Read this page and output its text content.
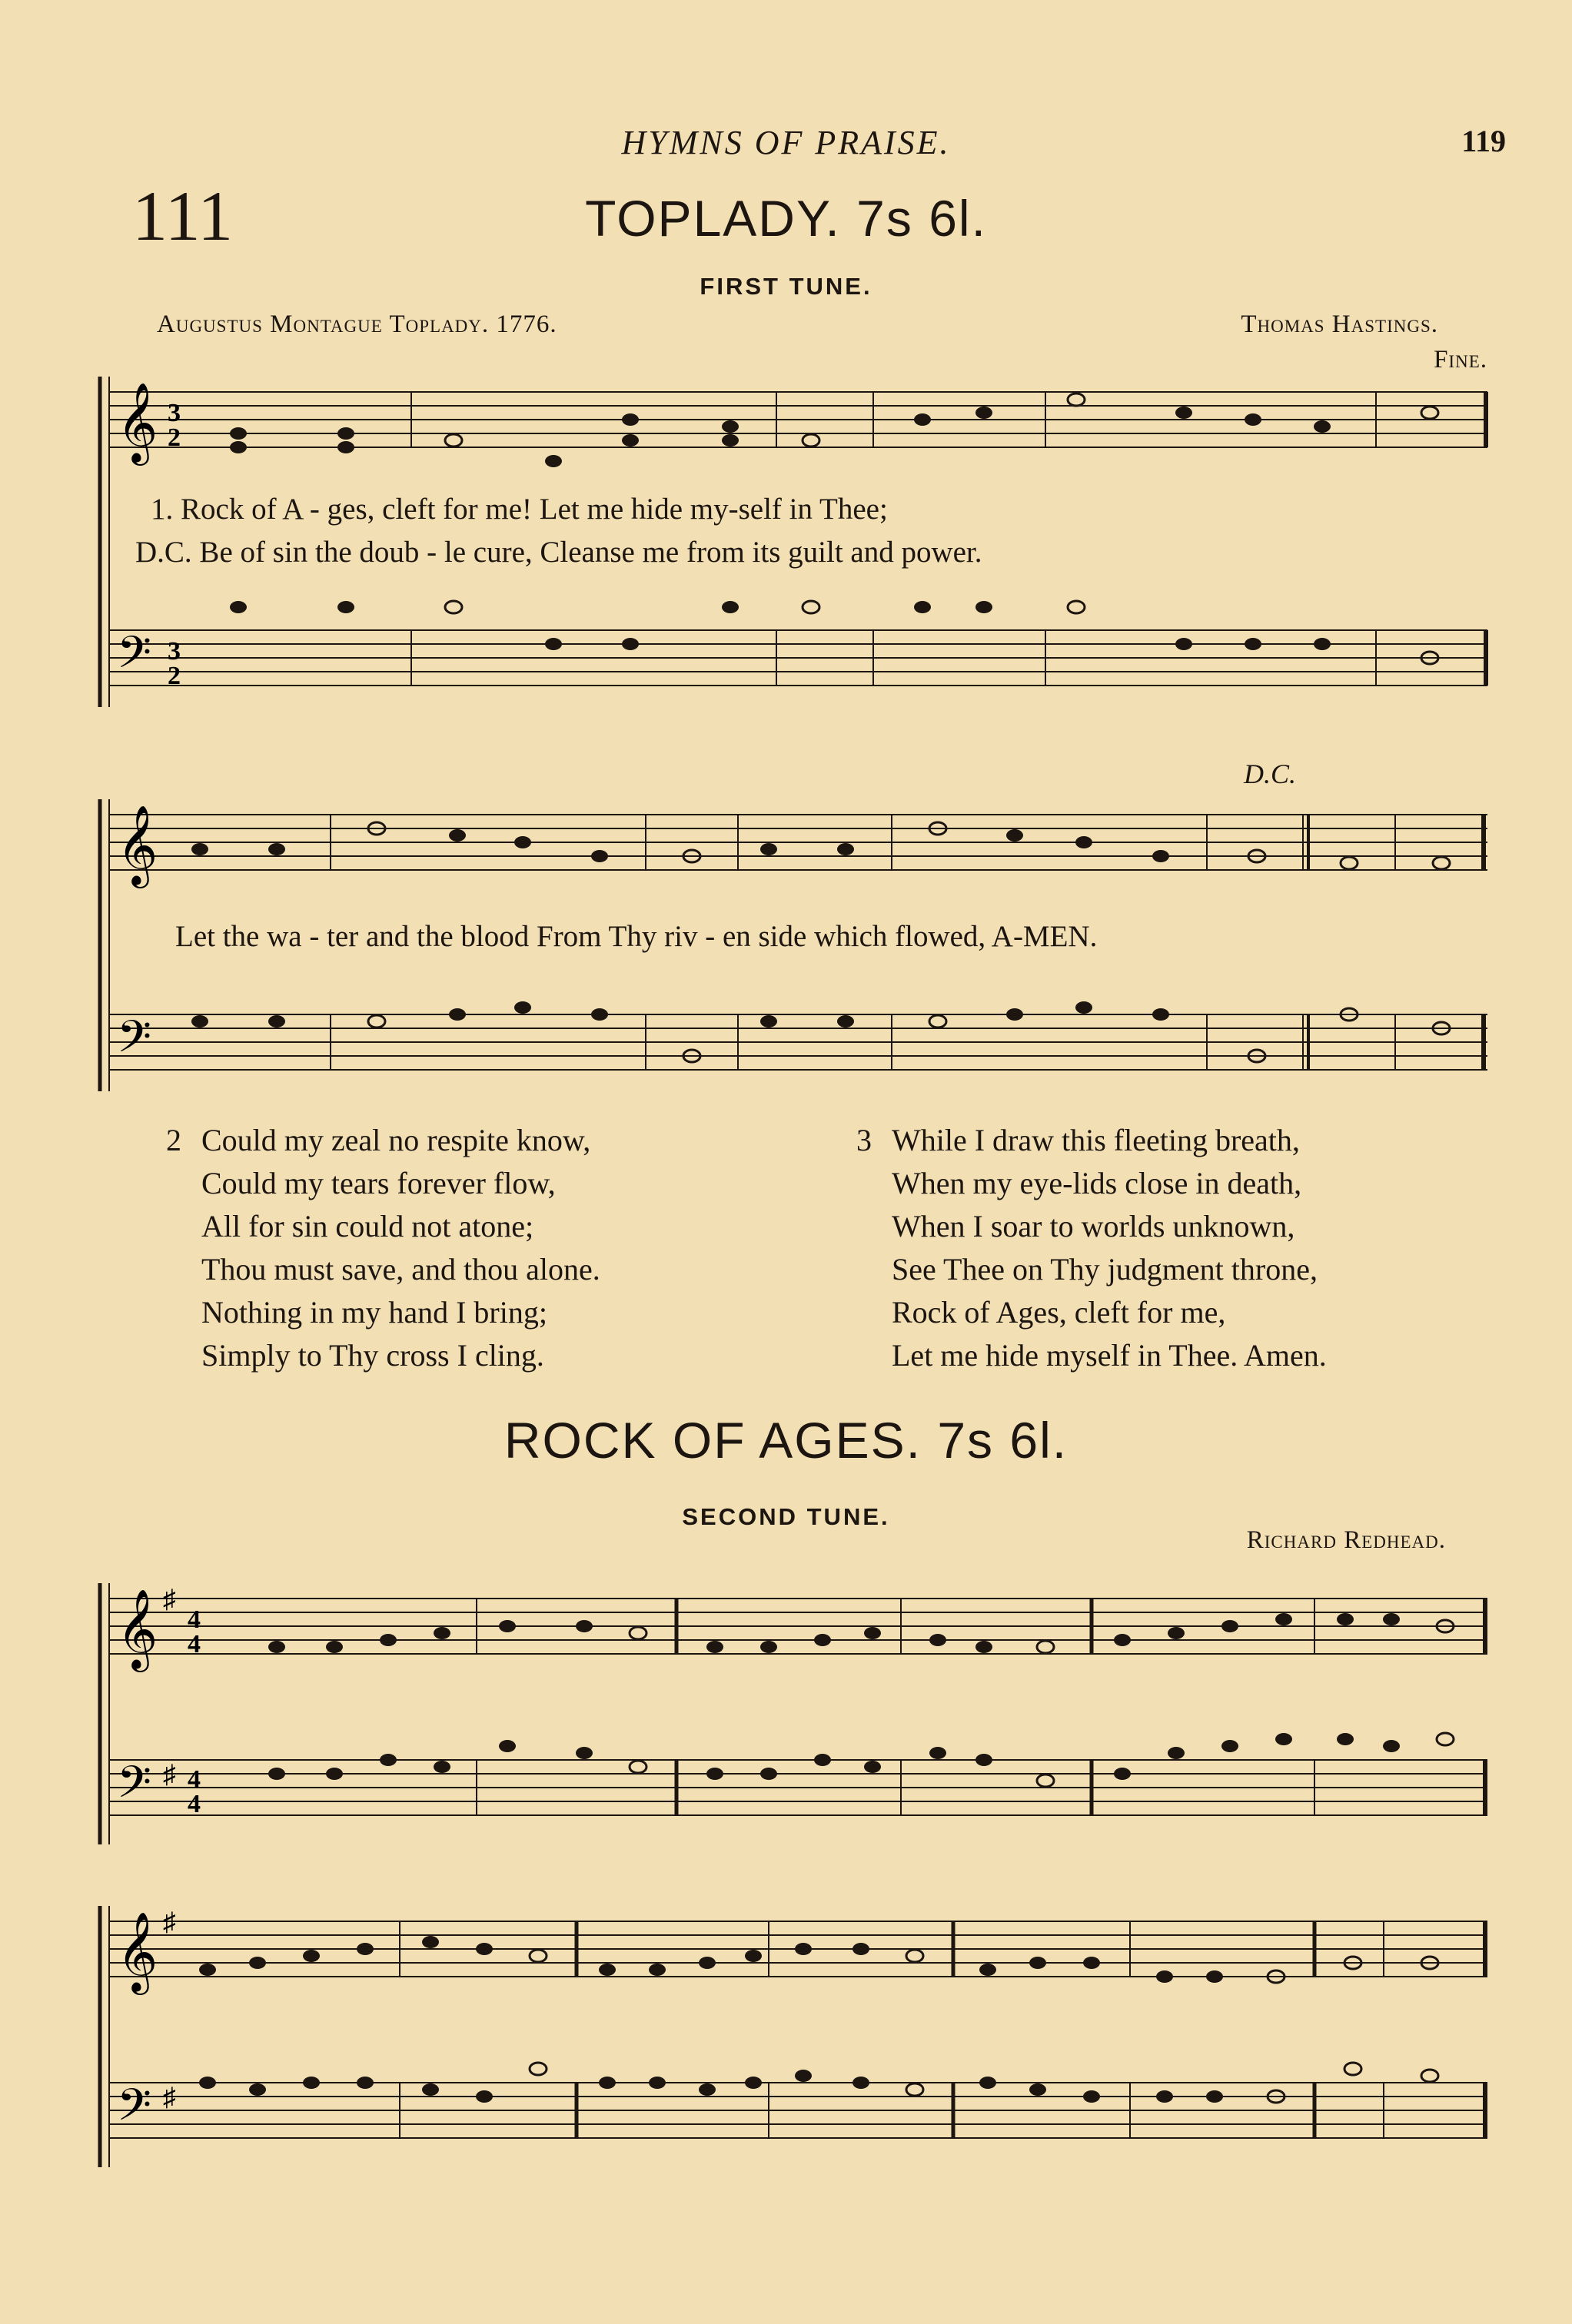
HYMNS OF PRAISE.	119
111	TOPLADY. 7s 6l.
FIRST TUNE.
Augustus Montague Toplady. 1776.	Thomas Hastings.
Fine.
𝄞
𝄢
3
2
3
2
1. Rock of A - ges, cleft for me! Let me hide my-self in Thee;
D.C. Be of sin the doub - le cure, Cleanse me from its guilt and power.
D.C.
𝄞
𝄢
Let the wa - ter and the blood From Thy riv - en side which flowed, A-MEN.
2 Could my zeal no respite know,
Could my tears forever flow,
All for sin could not atone;
Thou must save, and thou alone.
Nothing in my hand I bring;
Simply to Thy cross I cling.
3 While I draw this fleeting breath,
When my eye-lids close in death,
When I soar to worlds unknown,
See Thee on Thy judgment throne,
Rock of Ages, cleft for me,
Let me hide myself in Thee. Amen.
ROCK OF AGES. 7s 6l.
SECOND TUNE.
Richard Redhead.
𝄞
𝄢
♯
♯
4
4
4
4
𝄞
𝄢
♯
♯
